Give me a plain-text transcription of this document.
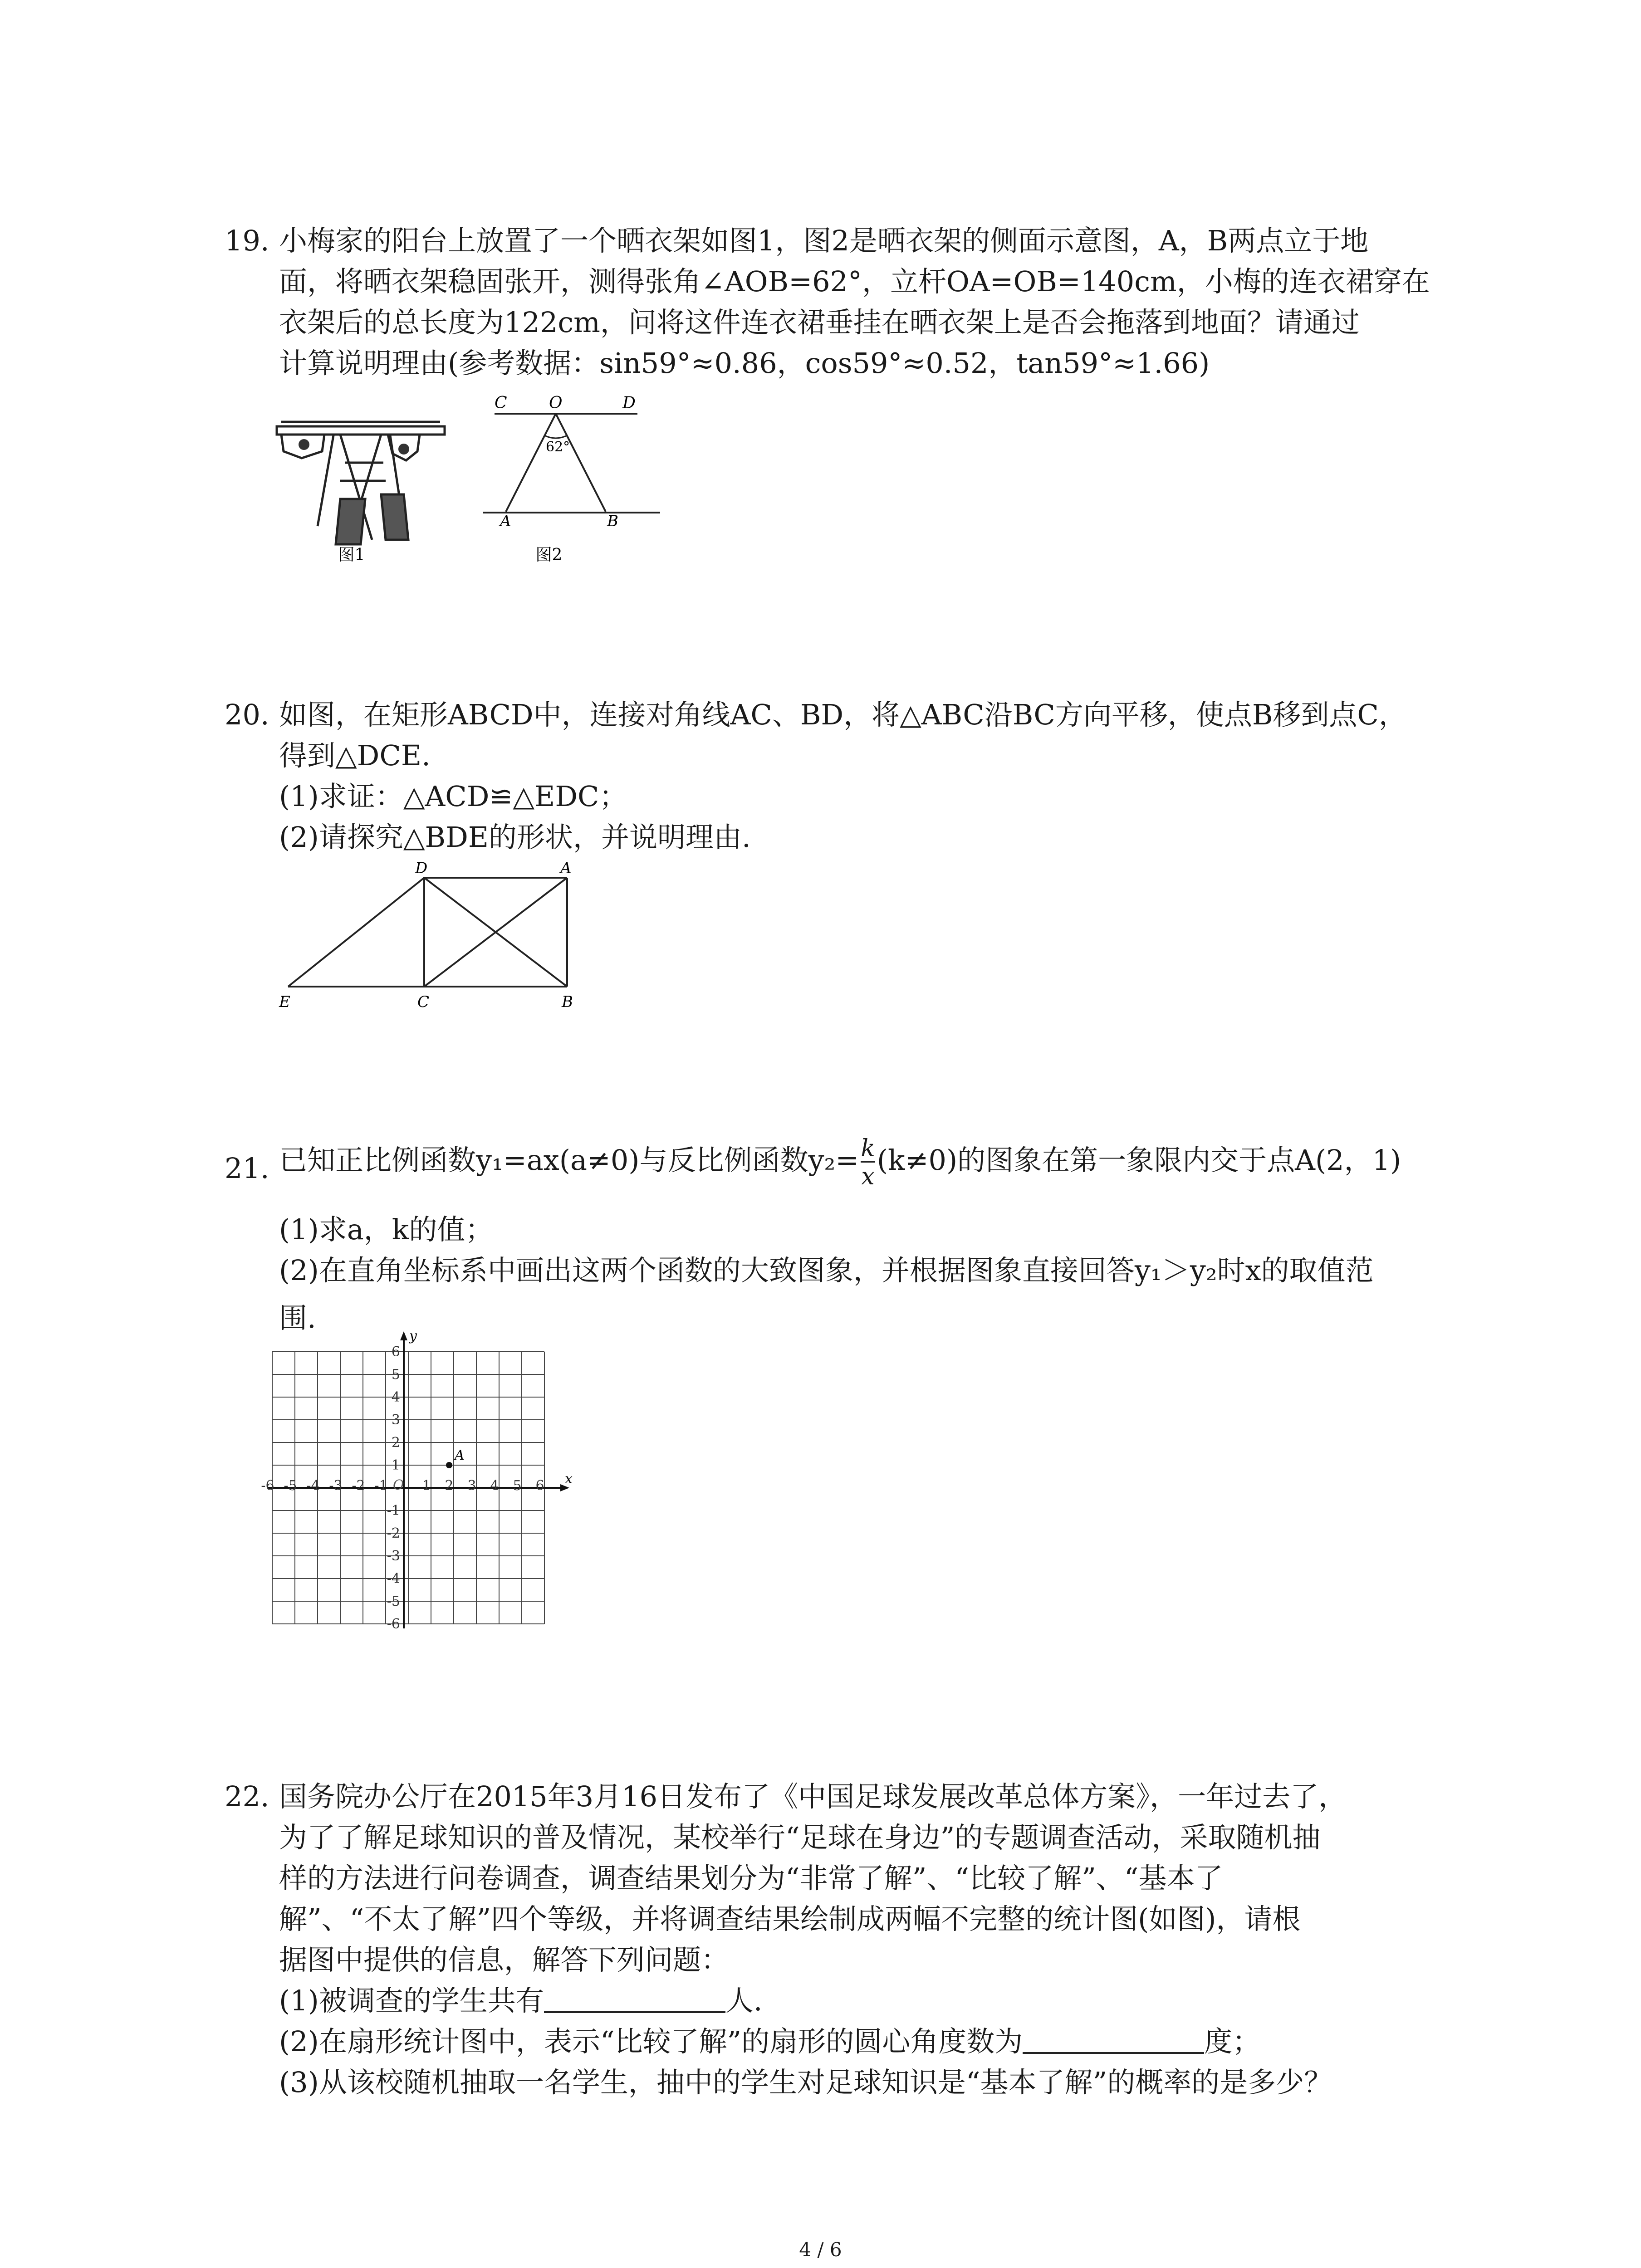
19. 小梅家的阳台上放置了一个晒衣架如图1，图2是晒衣架的侧面示意图，A，B两点立于地
面，将晒衣架稳固张开，测得张角∠AOB=62°，立杆OA=OB=140cm，小梅的连衣裙穿在
衣架后的总长度为122cm，问将这件连衣裙垂挂在晒衣架上是否会拖落到地面？请通过
计算说明理由(参考数据：sin59°≈0.86，cos59°≈0.52，tan59°≈1.66)
图1
C	O	D
62°
A	B
图2
20. 如图，在矩形ABCD中，连接对角线AC、BD，将△ABC沿BC方向平移，使点B移到点C，
得到△DCE.
(1)求证：△ACD≌△EDC；
(2)请探究△BDE的形状，并说明理由.
D	A
E	C	B
21. 已知正比例函数y₁=ax(a≠0)与反比例函数$y_2= \frac{k}{x} (k\ne 0)$的图象在第一象限内交于点A(2，1)
(1)求a，k的值；
(2)在直角坐标系中画出这两个函数的大致图象，并根据图象直接回答y₁＞y₂时x的取值范
围.
x
y
O
-6 -5 -4 -3 -2 -1	1 2 3 4 5 6
6
5
4
3
2
1
-1
-2
-3
-4
-5
-6
A
22. 国务院办公厅在2015年3月16日发布了《中国足球发展改革总体方案》，一年过去了，
为了了解足球知识的普及情况，某校举行“足球在身边”的专题调查活动，采取随机抽
样的方法进行问卷调查，调查结果划分为“非常了解”、“比较了解”、“基本了
解”、“不太了解”四个等级，并将调查结果绘制成两幅不完整的统计图(如图)，请根
据图中提供的信息，解答下列问题：
(1)被调查的学生共有	人.
(2)在扇形统计图中，表示“比较了解”的扇形的圆心角度数为	度；
(3)从该校随机抽取一名学生，抽中的学生对足球知识是“基本了解”的概率的是多少？
4 / 6
